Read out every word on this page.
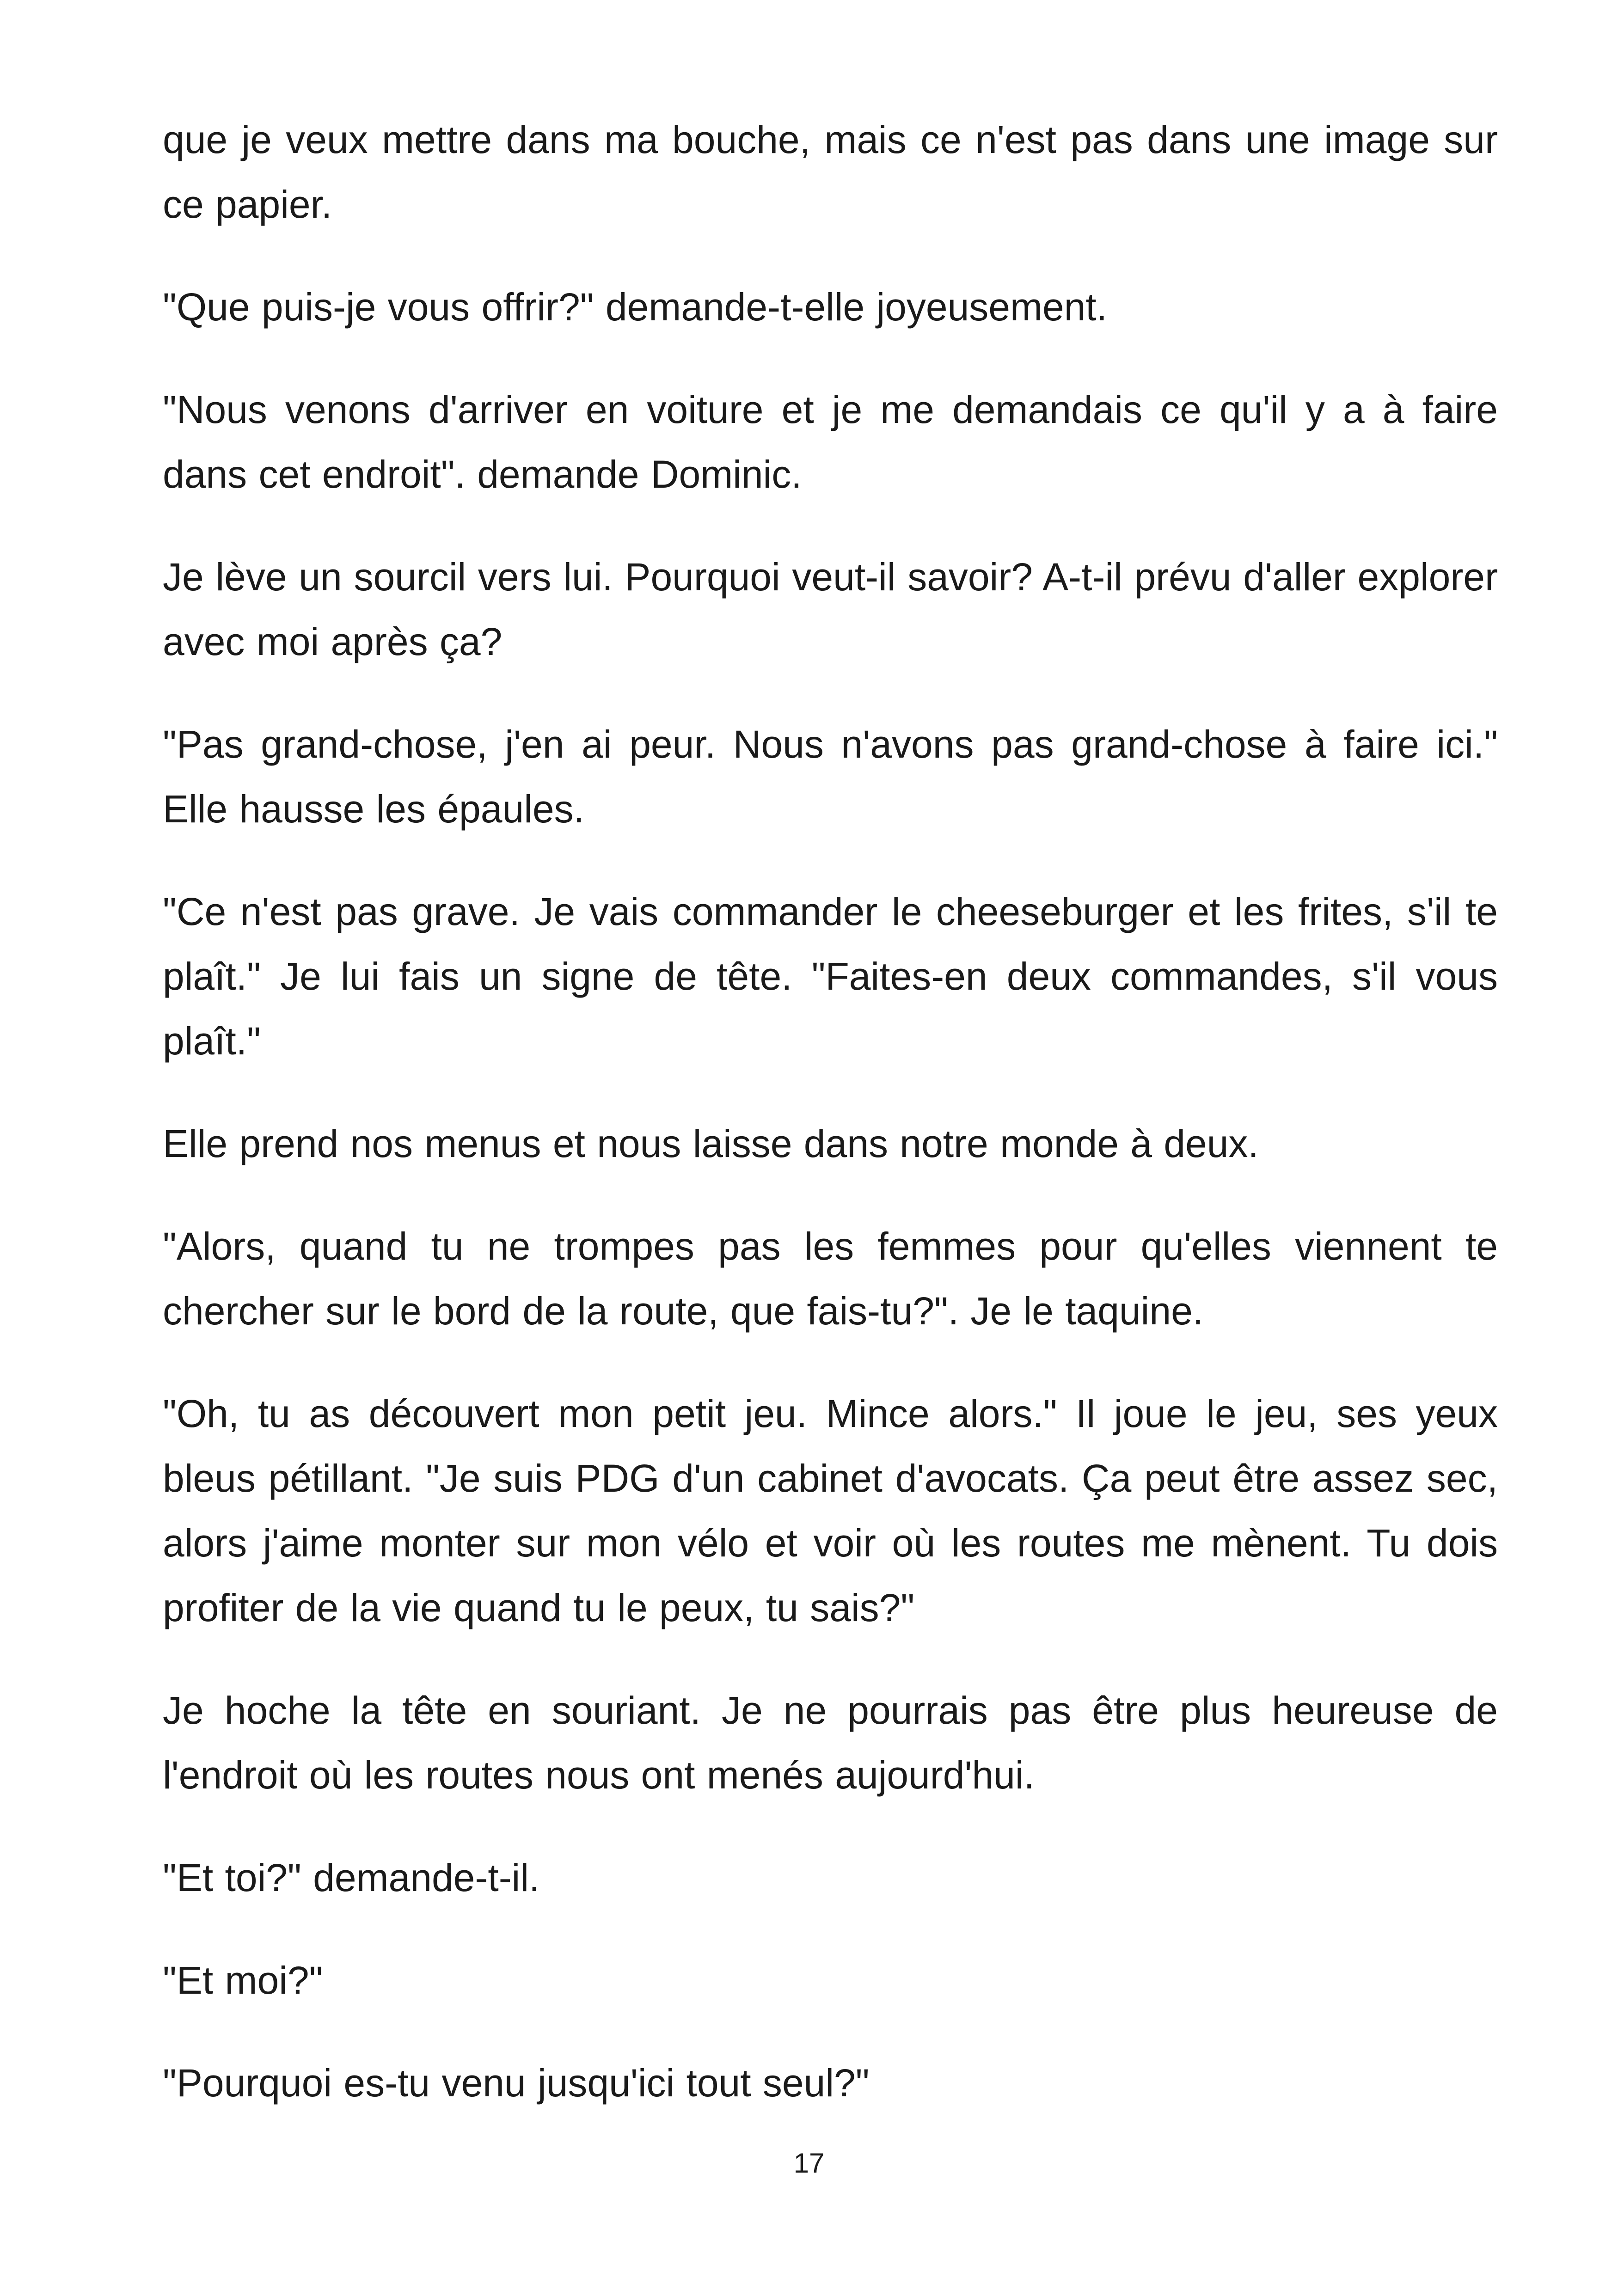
que je veux mettre dans ma bouche, mais ce n'est pas dans une image sur ce papier.

"Que puis-je vous offrir?" demande-t-elle joyeusement.

"Nous venons d'arriver en voiture et je me demandais ce qu'il y a à faire dans cet endroit". demande Dominic.

Je lève un sourcil vers lui. Pourquoi veut-il savoir? A-t-il prévu d'aller explorer avec moi après ça?

"Pas grand-chose, j'en ai peur. Nous n'avons pas grand-chose à faire ici." Elle hausse les épaules.

"Ce n'est pas grave. Je vais commander le cheeseburger et les frites, s'il te plaît." Je lui fais un signe de tête. "Faites-en deux commandes, s'il vous plaît."

Elle prend nos menus et nous laisse dans notre monde à deux.

"Alors, quand tu ne trompes pas les femmes pour qu'elles viennent te chercher sur le bord de la route, que fais-tu?". Je le taquine.

"Oh, tu as découvert mon petit jeu. Mince alors." Il joue le jeu, ses yeux bleus pétillant. "Je suis PDG d'un cabinet d'avocats. Ça peut être assez sec, alors j'aime monter sur mon vélo et voir où les routes me mènent. Tu dois profiter de la vie quand tu le peux, tu sais?"

Je hoche la tête en souriant. Je ne pourrais pas être plus heureuse de l'endroit où les routes nous ont menés aujourd'hui.

"Et toi?" demande-t-il.

"Et moi?"

"Pourquoi es-tu venu jusqu'ici tout seul?"

17
